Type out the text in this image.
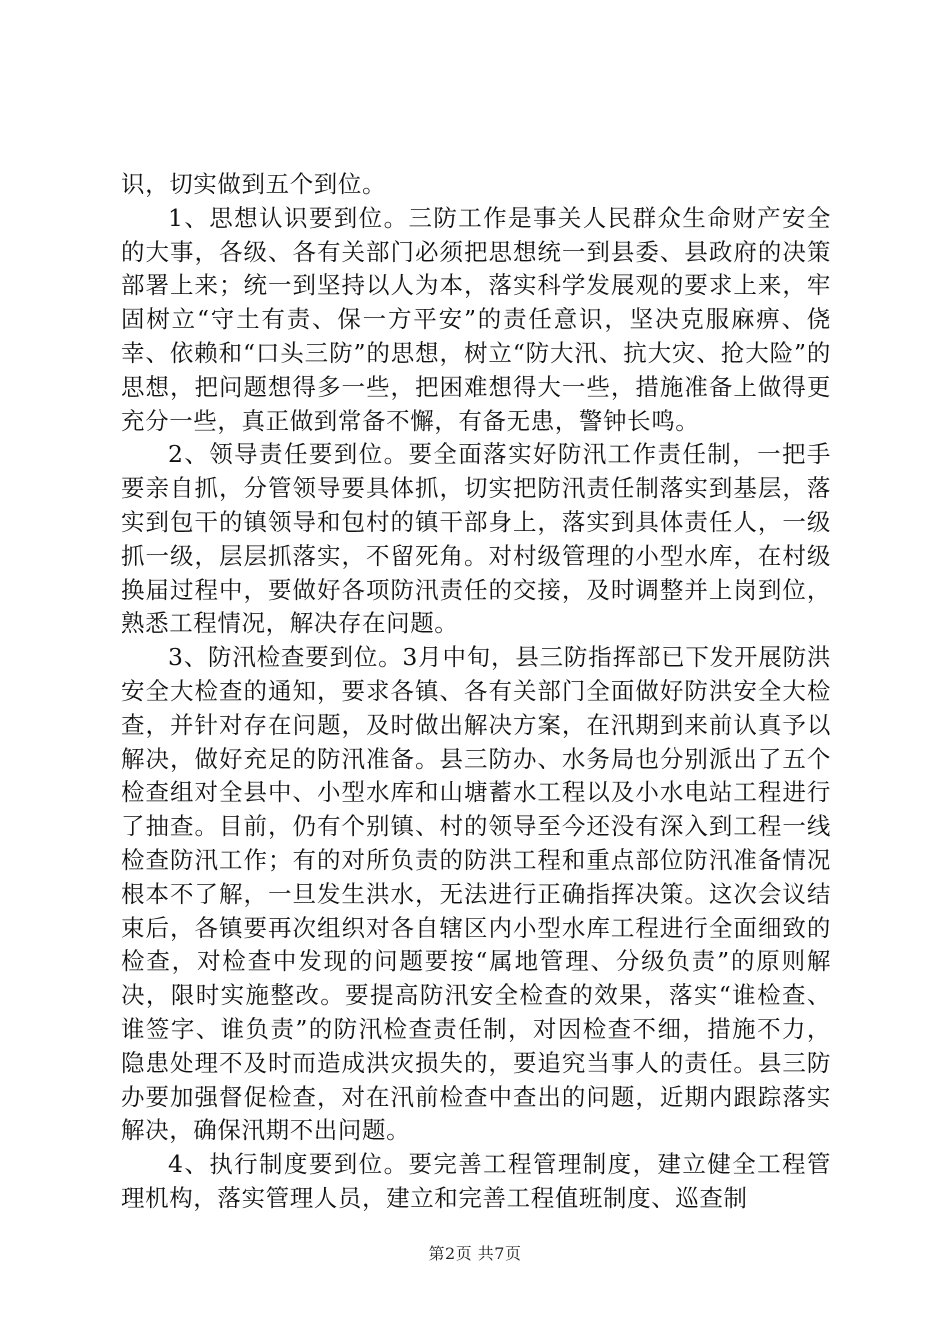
识，切实做到五个到位。

1、思想认识要到位。三防工作是事关人民群众生命财产安全的大事，各级、各有关部门必须把思想统一到县委、县政府的决策部署上来；统一到坚持以人为本，落实科学发展观的要求上来，牢固树立“守土有责、保一方平安”的责任意识，坚决克服麻痹、侥幸、依赖和“口头三防”的思想，树立“防大汛、抗大灾、抢大险”的思想，把问题想得多一些，把困难想得大一些，措施准备上做得更充分一些，真正做到常备不懈，有备无患，警钟长鸣。

2、领导责任要到位。要全面落实好防汛工作责任制，一把手要亲自抓，分管领导要具体抓，切实把防汛责任制落实到基层，落实到包干的镇领导和包村的镇干部身上，落实到具体责任人，一级抓一级，层层抓落实，不留死角。对村级管理的小型水库，在村级换届过程中，要做好各项防汛责任的交接，及时调整并上岗到位，熟悉工程情况，解决存在问题。

3、防汛检查要到位。3月中旬，县三防指挥部已下发开展防洪安全大检查的通知，要求各镇、各有关部门全面做好防洪安全大检查，并针对存在问题，及时做出解决方案，在汛期到来前认真予以解决，做好充足的防汛准备。县三防办、水务局也分别派出了五个检查组对全县中、小型水库和山塘蓄水工程以及小水电站工程进行了抽查。目前，仍有个别镇、村的领导至今还没有深入到工程一线检查防汛工作；有的对所负责的防洪工程和重点部位防汛准备情况根本不了解，一旦发生洪水，无法进行正确指挥决策。这次会议结束后，各镇要再次组织对各自辖区内小型水库工程进行全面细致的检查，对检查中发现的问题要按“属地管理、分级负责”的原则解决，限时实施整改。要提高防汛安全检查的效果，落实“谁检查、谁签字、谁负责”的防汛检查责任制，对因检查不细，措施不力，隐患处理不及时而造成洪灾损失的，要追究当事人的责任。县三防办要加强督促检查，对在汛前检查中查出的问题，近期内跟踪落实解决，确保汛期不出问题。

4、执行制度要到位。要完善工程管理制度，建立健全工程管理机构，落实管理人员，建立和完善工程值班制度、巡查制

第2页 共7页
